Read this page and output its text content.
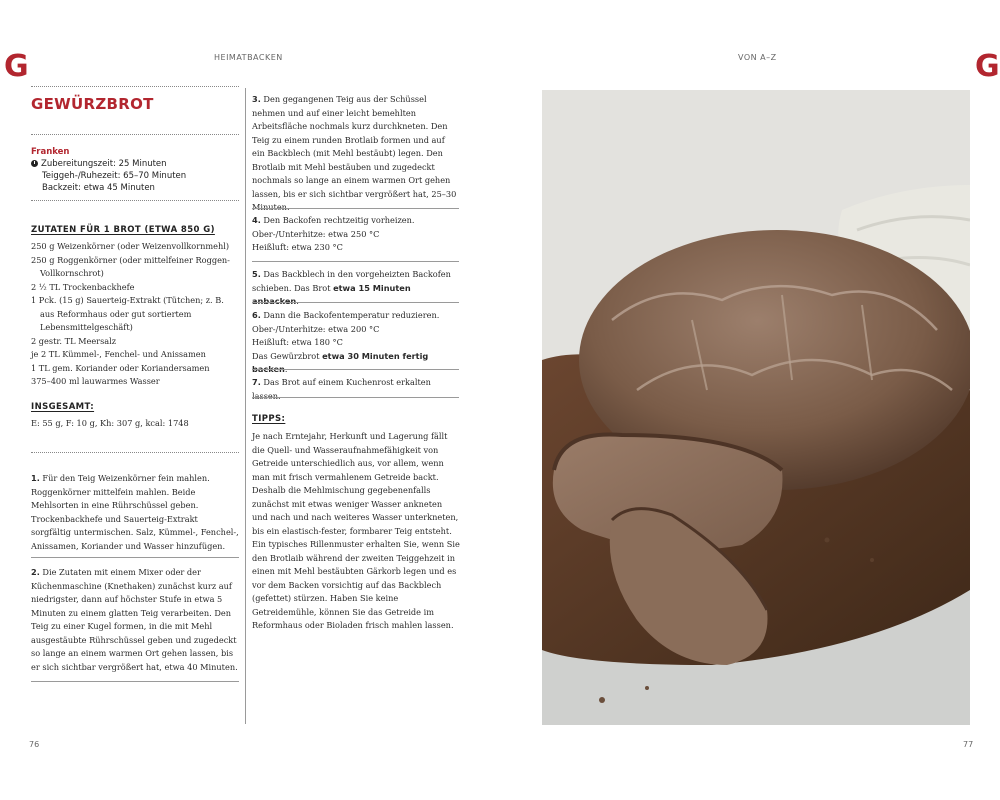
G	HEIMATBACKEN	VON A–Z	G
GEWÜRZBROT
Franken
Zubereitungszeit: 25 Minuten
Teiggeh-/Ruhezeit: 65–70 Minuten
Backzeit: etwa 45 Minuten
ZUTATEN FÜR 1 BROT (ETWA 850 G)
250 g Weizenkörner (oder Weizenvollkornmehl)
250 g Roggenkörner (oder mittelfeiner Roggen-Vollkornschrot)
2 ½ TL Trockenbackhefe
1 Pck. (15 g) Sauerteig-Extrakt (Tütchen; z. B. aus Reformhaus oder gut sortiertem Lebensmittelgeschäft)
2 gestr. TL Meersalz
je 2 TL Kümmel-, Fenchel- und Anissamen
1 TL gem. Koriander oder Koriandersamen
375–400 ml lauwarmes Wasser
INSGESAMT:
E: 55 g, F: 10 g, Kh: 307 g, kcal: 1748
1. Für den Teig Weizenkörner fein mahlen. Roggenkörner mittelfein mahlen. Beide Mehlsorten in eine Rührschüssel geben. Trockenbackhefe und Sauerteig-Extrakt sorgfältig untermischen. Salz, Kümmel-, Fenchel-, Anissamen, Koriander und Wasser hinzufügen.
2. Die Zutaten mit einem Mixer oder der Küchenmaschine (Knethaken) zunächst kurz auf niedrigster, dann auf höchster Stufe in etwa 5 Minuten zu einem glatten Teig verarbeiten. Den Teig zu einer Kugel formen, in die mit Mehl ausgestäubte Rührschüssel geben und zugedeckt so lange an einem warmen Ort gehen lassen, bis er sich sichtbar vergrößert hat, etwa 40 Minuten.
3. Den gegangenen Teig aus der Schüssel nehmen und auf einer leicht bemehlten Arbeitsfläche nochmals kurz durchkneten. Den Teig zu einem runden Brotlaib formen und auf ein Backblech (mit Mehl bestäubt) legen. Den Brotlaib mit Mehl bestäuben und zugedeckt nochmals so lange an einem warmen Ort gehen lassen, bis er sich sichtbar vergrößert hat, 25–30 Minuten.
4. Den Backofen rechtzeitig vorheizen.
Ober-/Unterhitze: etwa 250 °C
Heißluft: etwa 230 °C
5. Das Backblech in den vorgeheizten Backofen schieben. Das Brot etwa 15 Minuten anbacken.
6. Dann die Backofentemperatur reduzieren.
Ober-/Unterhitze: etwa 200 °C
Heißluft: etwa 180 °C
Das Gewürzbrot etwa 30 Minuten fertig backen.
7. Das Brot auf einem Kuchenrost erkalten lassen.
TIPPS:
Je nach Erntejahr, Herkunft und Lagerung fällt die Quell- und Wasseraufnahmefähigkeit von Getreide unterschiedlich aus, vor allem, wenn man mit frisch vermahlenem Getreide backt. Deshalb die Mehlmischung gegebenenfalls zunächst mit etwas weniger Wasser ankneten und nach und nach weiteres Wasser unterkneten, bis ein elastisch-fester, formbarer Teig entsteht.
Ein typisches Rillenmuster erhalten Sie, wenn Sie den Brotlaib während der zweiten Teiggehzeit in einen mit Mehl bestäubten Gärkorb legen und es vor dem Backen vorsichtig auf das Backblech (gefettet) stürzen. Haben Sie keine Getreidemühle, können Sie das Getreide im Reformhaus oder Bioladen frisch mahlen lassen.
76	77
